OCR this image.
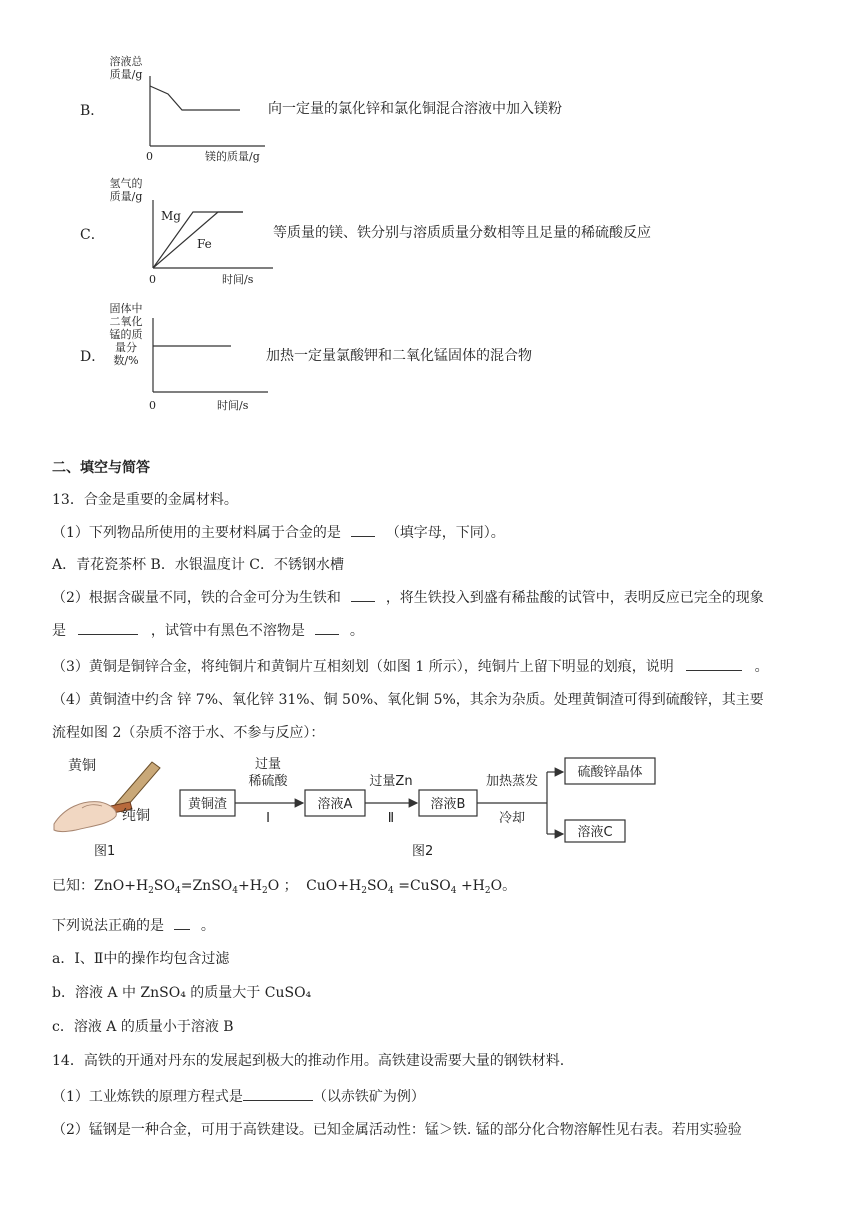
B．
溶液总
质量/g
0	镁的质量/g
向一定量的氯化锌和氯化铜混合溶液中加入镁粉
C．
氢气的
质量/g
Mg
Fe
0	时间/s
等质量的镁、铁分别与溶质质量分数相等且足量的稀硫酸反应
D．
固体中
二氧化
锰的质
量分
数/%
0	时间/s
加热一定量氯酸钾和二氧化锰固体的混合物
二、填空与简答
13．合金是重要的金属材料。
（1）下列物品所使用的主要材料属于合金的是	（填字母，下同）。
A．青花瓷茶杯 B．水银温度计 C．不锈钢水槽
（2）根据含碳量不同，铁的合金可分为生铁和	，将生铁投入到盛有稀盐酸的试管中，表明反应已完全的现象
是	，试管中有黑色不溶物是	。
（3）黄铜是铜锌合金，将纯铜片和黄铜片互相刻划（如图 1 所示），纯铜片上留下明显的划痕，说明	。
（4）黄铜渣中约含 锌 7%、氧化锌 31%、铜 50%、氧化铜 5%，其余为杂质。处理黄铜渣可得到硫酸锌，其主要
流程如图 2（杂质不溶于水、不参与反应）：
黄铜
纯铜
图1
黄铜渣
过量
稀硫酸
Ⅰ
溶液A
过量Zn
Ⅱ
溶液B
加热蒸发
冷却
硫酸锌晶体
溶液C
图2
已知：$ZnO+H_2SO_4=ZnSO_4+H_2O$ ； $CuO+H_2SO_4$ =CuSO$_4$ $+H_2O$。
下列说法正确的是	。
a．Ⅰ、Ⅱ中的操作均包含过滤
b．溶液 A 中 ZnSO₄ 的质量大于 CuSO₄
c．溶液 A 的质量小于溶液 B
14．高铁的开通对丹东的发展起到极大的推动作用。高铁建设需要大量的钢铁材料.
（1）工业炼铁的原理方程式是	（以赤铁矿为例）
（2）锰钢是一种合金，可用于高铁建设。已知金属活动性：锰＞铁. 锰的部分化合物溶解性见右表。若用实验验
